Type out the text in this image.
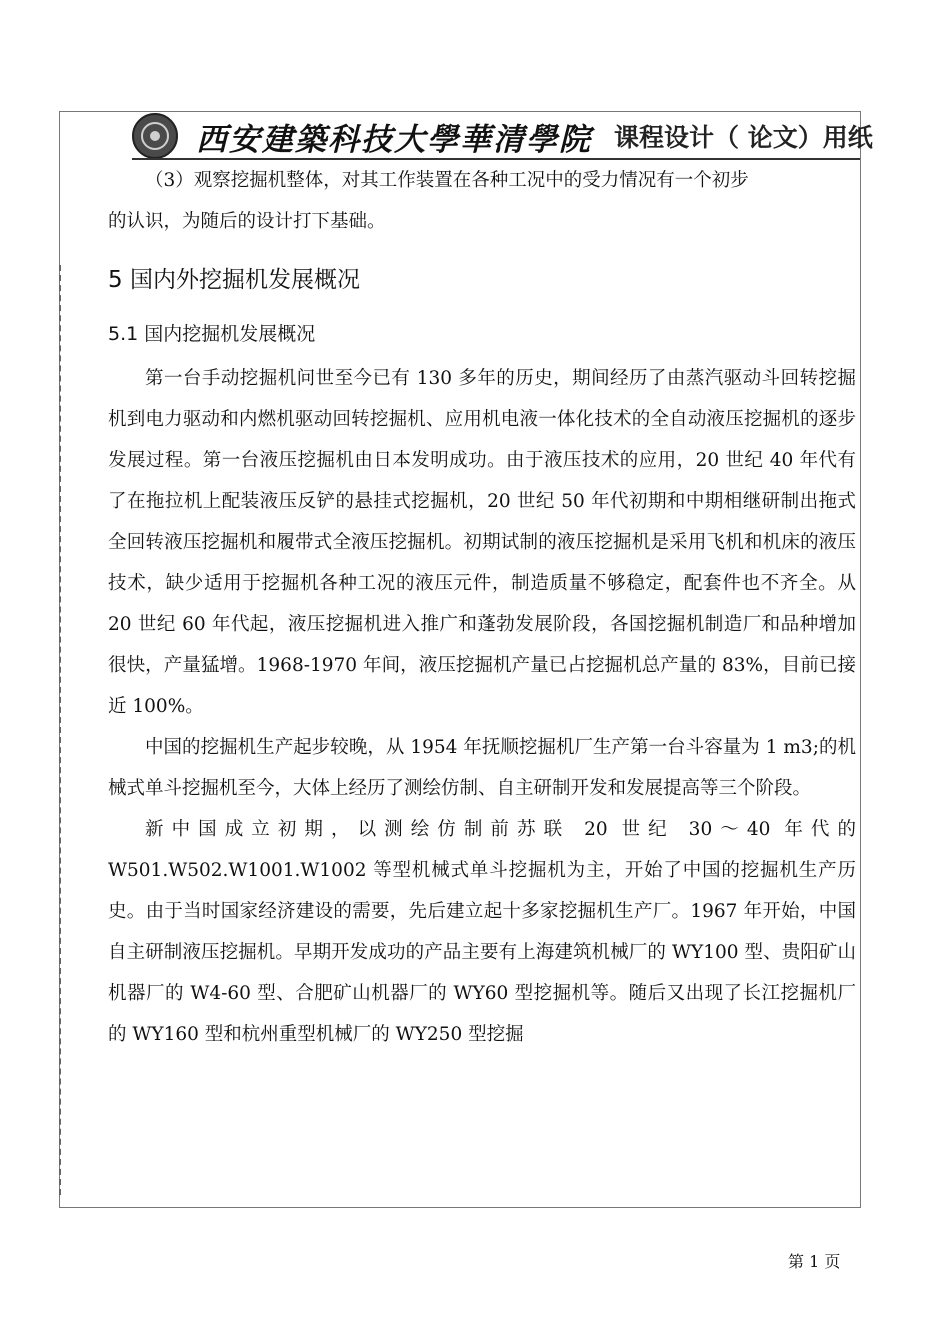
西安建築科技大學華清學院 课程设计（ 论文）用纸

（3）观察挖掘机整体，对其工作装置在各种工况中的受力情况有一个初步

的认识，为随后的设计打下基础。

5 国内外挖掘机发展概况
5.1 国内挖掘机发展概况

第一台手动挖掘机问世至今已有 130 多年的历史，期间经历了由蒸汽驱动斗回转挖掘机到电力驱动和内燃机驱动回转挖掘机、应用机电液一体化技术的全自动液压挖掘机的逐步发展过程。第一台液压挖掘机由日本发明成功。由于液压技术的应用，20 世纪 40 年代有了在拖拉机上配装液压反铲的悬挂式挖掘机，20 世纪 50 年代初期和中期相继研制出拖式全回转液压挖掘机和履带式全液压挖掘机。初期试制的液压挖掘机是采用飞机和机床的液压技术，缺少适用于挖掘机各种工况的液压元件，制造质量不够稳定，配套件也不齐全。从 20 世纪 60 年代起，液压挖掘机进入推广和蓬勃发展阶段，各国挖掘机制造厂和品种增加很快，产量猛增。1968-1970 年间，液压挖掘机产量已占挖掘机总产量的 83%，目前已接近 100%。

中国的挖掘机生产起步较晚，从 1954 年抚顺挖掘机厂生产第一台斗容量为 1 m3;的机械式单斗挖掘机至今，大体上经历了测绘仿制、自主研制开发和发展提高等三个阶段。

新中国成立初期，以测绘仿制前苏联 20 世纪 30～40 年代的 W501.W502.W1001.W1002 等型机械式单斗挖掘机为主，开始了中国的挖掘机生产历史。由于当时国家经济建设的需要，先后建立起十多家挖掘机生产厂。1967 年开始，中国自主研制液压挖掘机。早期开发成功的产品主要有上海建筑机械厂的 WY100 型、贵阳矿山机器厂的 W4-60 型、合肥矿山机器厂的 WY60 型挖掘机等。随后又出现了长江挖掘机厂的 WY160 型和杭州重型机械厂的 WY250 型挖掘

第 1 页
